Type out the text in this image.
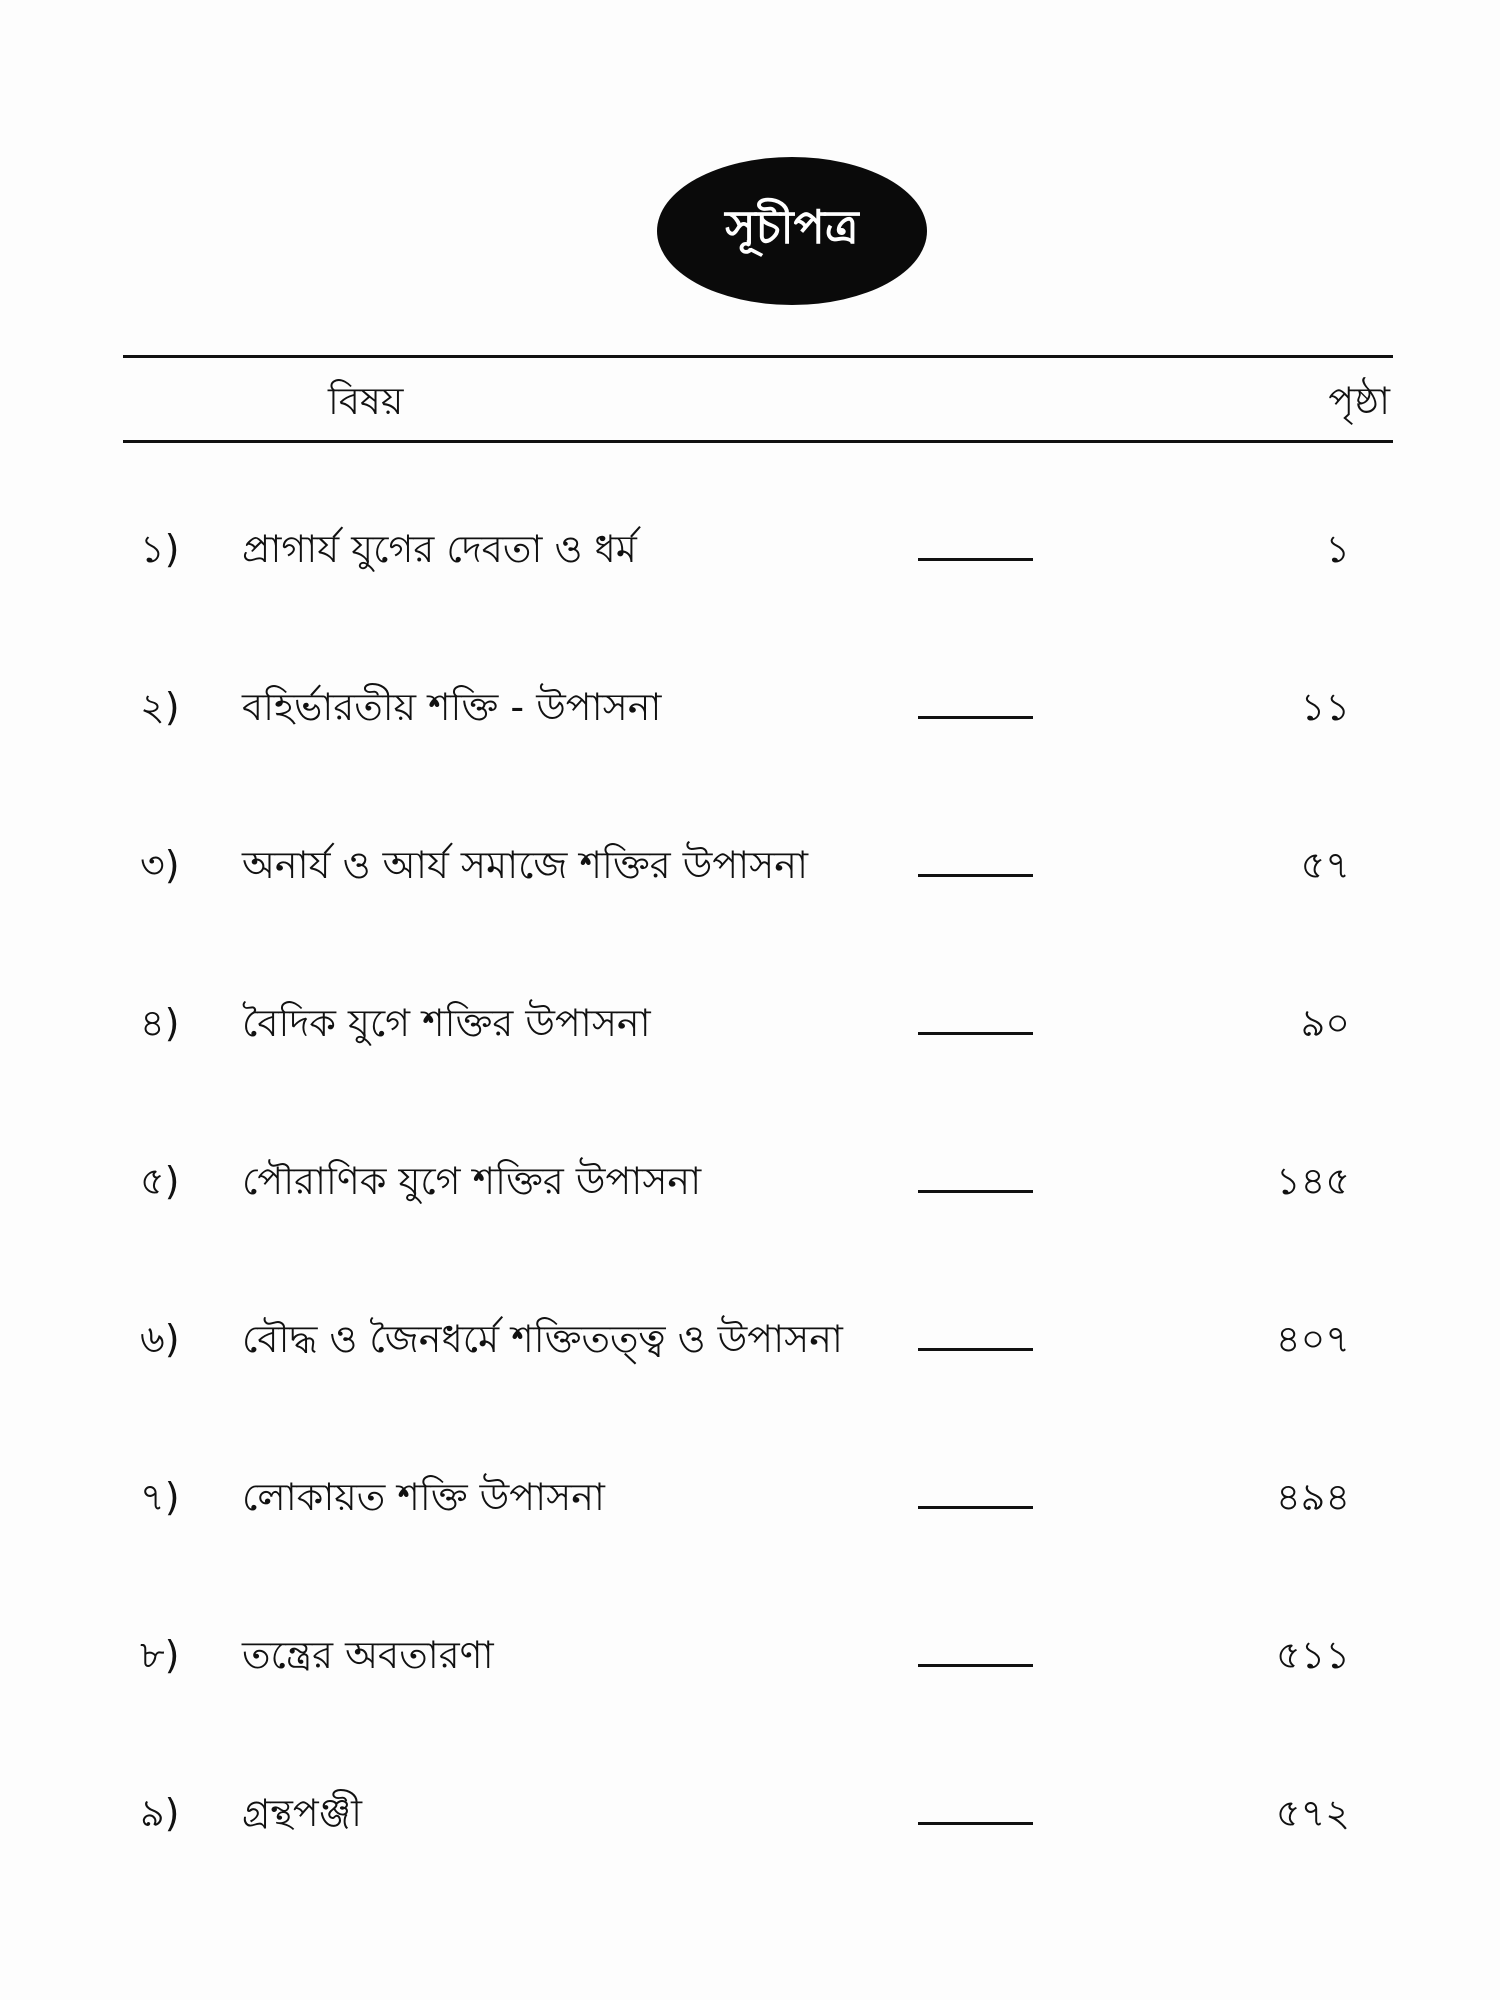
সূচীপত্র
বিষয়	পৃষ্ঠা
১) প্রাগার্য যুগের দেবতা ও ধর্ম	১
২) বহির্ভারতীয় শক্তি - উপাসনা	১১
৩) অনার্য ও আর্য সমাজে শক্তির উপাসনা	৫৭
৪) বৈদিক যুগে শক্তির উপাসনা	৯০
৫) পৌরাণিক যুগে শক্তির উপাসনা	১৪৫
৬) বৌদ্ধ ও জৈনধর্মে শক্তিতত্ত্ব ও উপাসনা	৪০৭
৭) লোকায়ত শক্তি উপাসনা	৪৯৪
৮) তন্ত্রের অবতারণা	৫১১
৯) গ্রন্থপঞ্জী	৫৭২
